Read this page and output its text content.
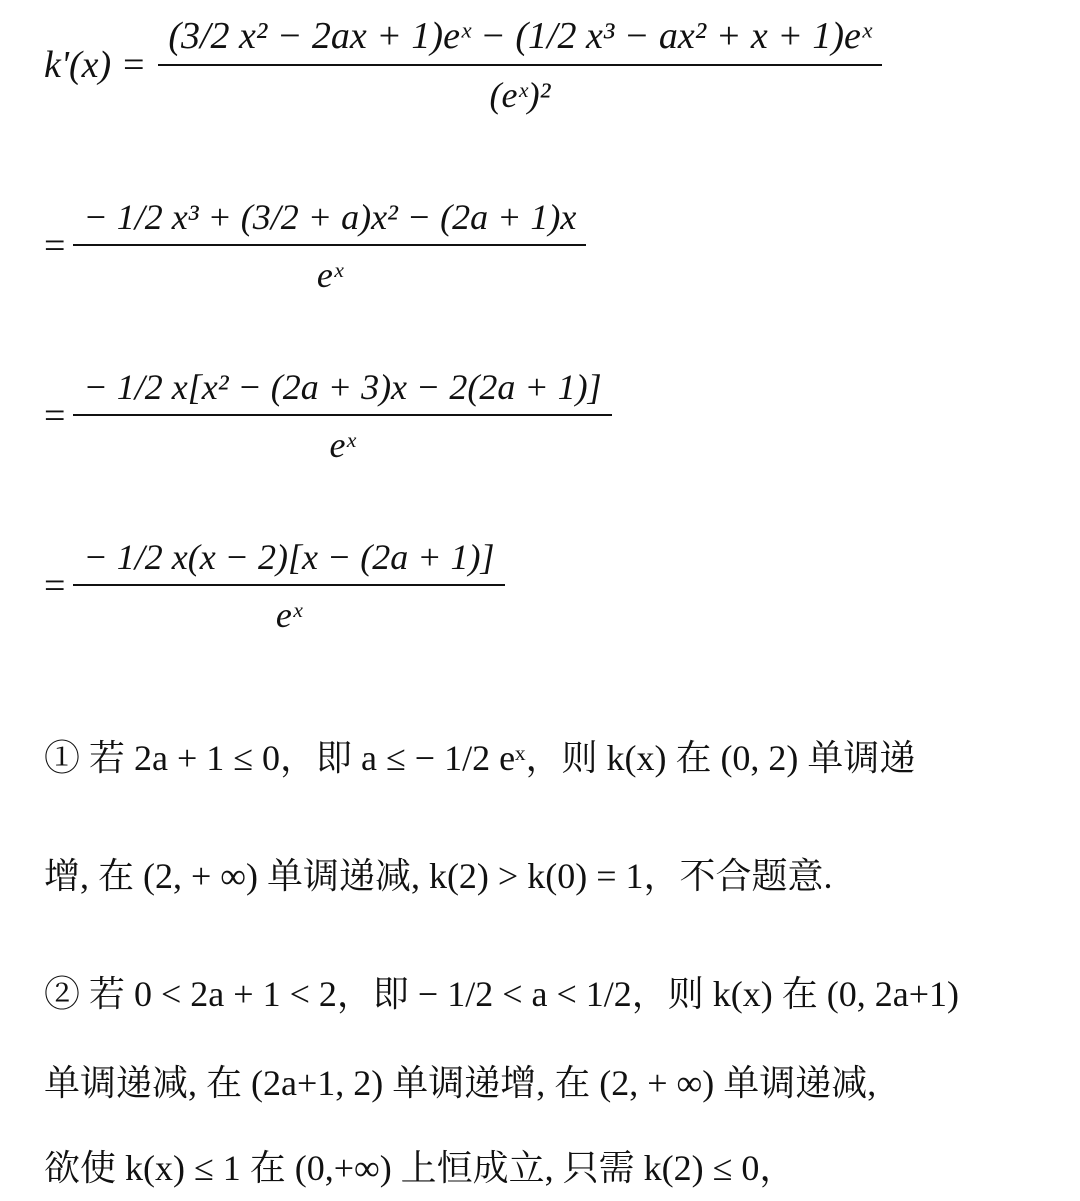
$k'(x) = \frac{\text{(3/2 x² − 2ax + 1)eˣ − (1/2 x³ − ax² + x + 1)eˣ}}{\text{(eˣ)²}}$
= $\frac{\text{− 1/2 x³ + (3/2 + a)x² − (2a + 1)x}}{\text{eˣ}}$
= $\frac{\text{− 1/2 x[x² − (2a + 3)x − 2(2a + 1)]}}{\text{eˣ}}$
= $\frac{- 1/2 x(x - 2)[x - (2a + 1)]}{\text{eˣ}}$
① 若 2a + 1 ≤ 0，即 a ≤ − 1/2 eˣ，则 k(x) 在 (0, 2) 单调递
增, 在 (2, + ∞) 单调递减, k(2) > k(0) = 1，不合题意.
② 若 0 < 2a + 1 < 2，即 − 1/2 < a < 1/2，则 k(x) 在 (0, 2a+1)
单调递减, 在 (2a+1, 2) 单调递增, 在 (2, + ∞) 单调递减,
欲使 k(x) ≤ 1 在 (0,+∞) 上恒成立, 只需 k(2) ≤ 0，
